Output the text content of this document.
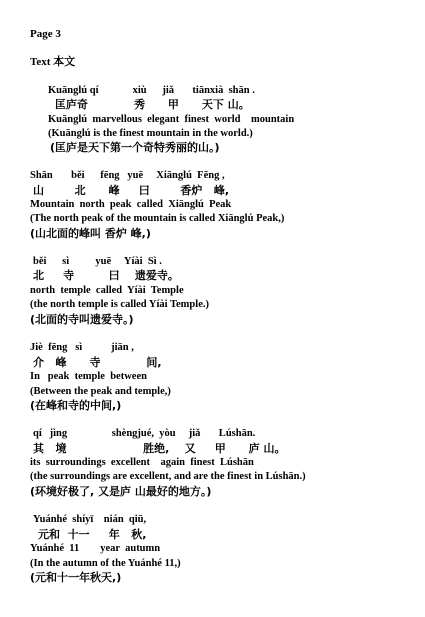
Page 3
Text 本文
Kuānglú qí             xiù      jiǎ       tiānxià  shān .
匡庐奇            秀      甲      天下 山。
Kuānglú  marvellous  elegant  finest  world    mountain
(Kuānglú is the finest mountain in the world.)
(匡庐是天下第一个奇特秀丽的山。)
Shān       běi      fēng   yuē     Xiānglú  Fēng ,
山        北      峰     曰        香炉   峰,
Mountain  north  peak  called  Xiānglú  Peak
(The north peak of the mountain is called Xiānglú Peak,)
(山北面的峰叫 香炉 峰,)
běi      sì          yuē     Yíài  Sì .
北     寺         曰    遗爱寺。
north  temple  called  Yíài  Temple
(the north temple is called Yíài Temple.)
(北面的寺叫遗爱寺。)
Jiè  fēng   sì           jiān ,
介   峰      寺            间,
In   peak  temple  between
(Between the peak and temple,)
(在峰和寺的中间,)
qí   jìng                 shèngjué,  yòu     jiǎ       Lúshān.
其   境                    胜绝,    又     甲      庐 山。
its  surroundings  excellent    again  finest  Lúshān
(the surroundings are excellent, and are the finest in Lúshān.)
(环境好极了, 又是庐 山最好的地方。)
Yuánhé  shíyī    nián  qiū,
元和  十一     年   秋,
Yuánhé  11        year  autumn
(In the autumn of the Yuánhé 11,)
(元和十一年秋天,)
